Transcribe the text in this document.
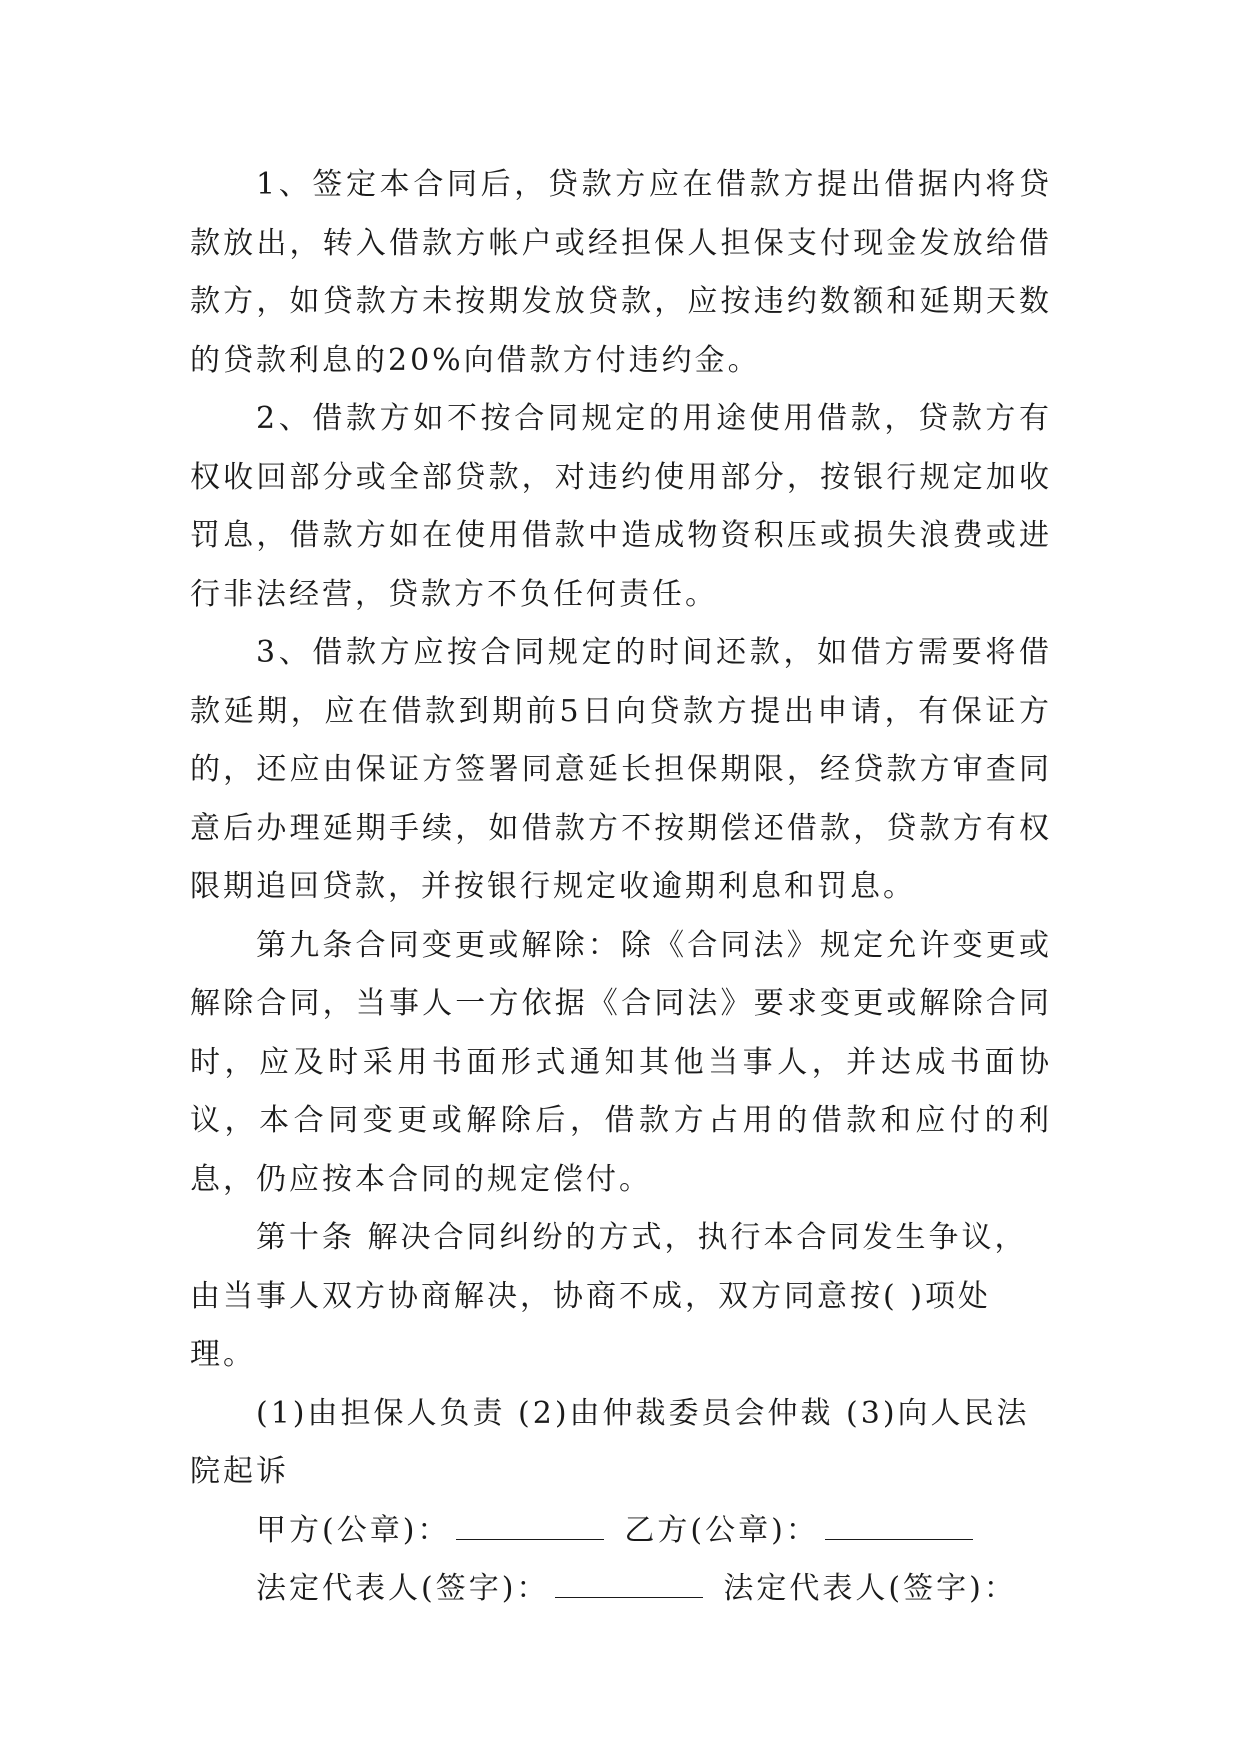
1、签定本合同后，贷款方应在借款方提出借据内将贷款放出，转入借款方帐户或经担保人担保支付现金发放给借款方，如贷款方未按期发放贷款，应按违约数额和延期天数的贷款利息的20%向借款方付违约金。

2、借款方如不按合同规定的用途使用借款，贷款方有权收回部分或全部贷款，对违约使用部分，按银行规定加收罚息，借款方如在使用借款中造成物资积压或损失浪费或进行非法经营，贷款方不负任何责任。

3、借款方应按合同规定的时间还款，如借方需要将借款延期，应在借款到期前5日向贷款方提出申请，有保证方的，还应由保证方签署同意延长担保期限，经贷款方审查同意后办理延期手续，如借款方不按期偿还借款，贷款方有权限期追回贷款，并按银行规定收逾期利息和罚息。

第九条合同变更或解除：除《合同法》规定允许变更或解除合同，当事人一方依据《合同法》要求变更或解除合同时，应及时采用书面形式通知其他当事人，并达成书面协议，本合同变更或解除后，借款方占用的借款和应付的利息，仍应按本合同的规定偿付。

第十条 解决合同纠纷的方式，执行本合同发生争议，由当事人双方协商解决，协商不成，双方同意按( )项处理。

(1)由担保人负责 (2)由仲裁委员会仲裁 (3)向人民法院起诉

甲方(公章)：	乙方(公章)：
法定代表人(签字)：	法定代表人(签字)：
